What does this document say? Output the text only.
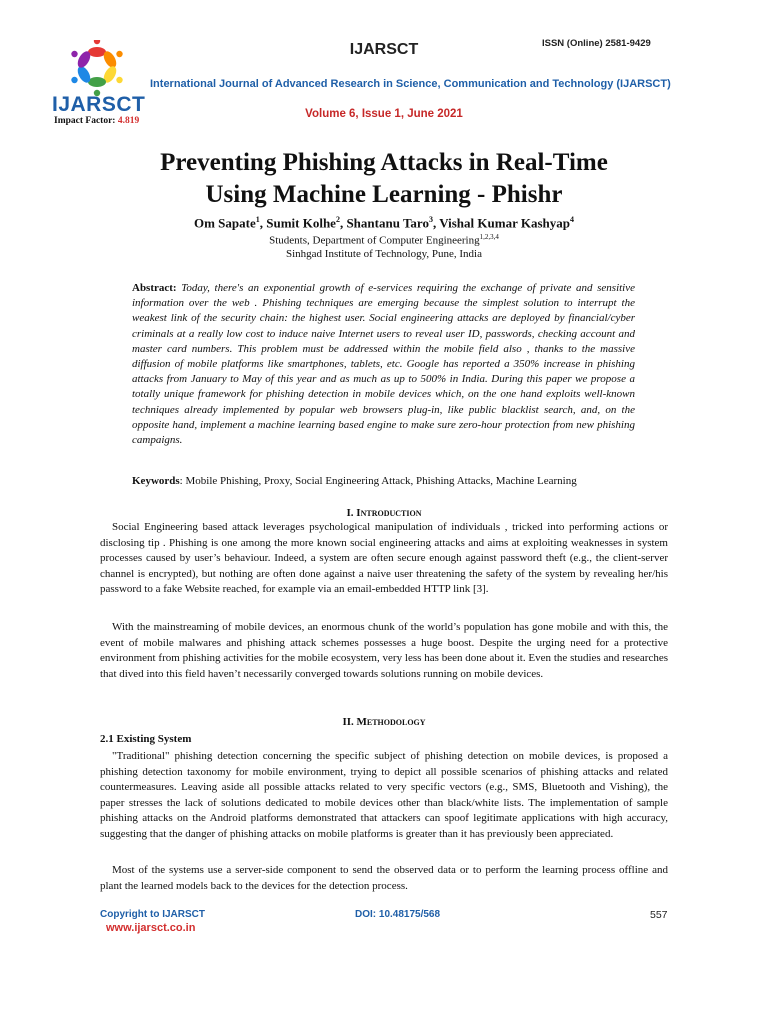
IJARSCT
Impact Factor: 4.819
IJARSCT	ISSN (Online) 2581-9429
International Journal of Advanced Research in Science, Communication and Technology (IJARSCT)
Volume 6, Issue 1, June 2021
Preventing Phishing Attacks in Real-Time
Using Machine Learning - Phishr
Om Sapate$^1$, Sumit Kolhe$^2$, Shantanu Taro$^3$, Vishal Kumar Kashyap$^4$
Students, Department of Computer Engineering$^{1,2,3,4}$
Sinhgad Institute of Technology, Pune, India
Abstract: Today, there's an exponential growth of e-services requiring the exchange of private and sensitive information over the web . Phishing techniques are emerging because the simplest solution to interrupt the weakest link of the security chain: the highest user. Social engineering attacks are deployed by financial/cyber criminals at a really low cost to induce naive Internet users to reveal user ID, passwords, checking account and master card numbers. This problem must be addressed within the mobile field also , thanks to the massive diffusion of mobile platforms like smartphones, tablets, etc. Google has reported a 350% increase in phishing attacks from January to May of this year and as much as up to 500% in India. During this paper we propose a totally unique framework for phishing detection in mobile devices which, on the one hand exploits well-known techniques already implemented by popular web browsers plug-in, like public blacklist search, and, on the opposite hand, implement a machine learning based engine to make sure zero-hour protection from new phishing campaigns.
Keywords: Mobile Phishing, Proxy, Social Engineering Attack, Phishing Attacks, Machine Learning
I. Introduction
Social Engineering based attack leverages psychological manipulation of individuals , tricked into performing actions or disclosing tip . Phishing is one among the more known social engineering attacks and aims at exploiting weaknesses in system processes caused by user’s behaviour. Indeed, a system are often secure enough against password theft (e.g., the client-server channel is encrypted), but nothing are often done against a naive user threatening the safety of the system by revealing her/his password to a fake Website reached, for example via an email-embedded HTTP link [3].
With the mainstreaming of mobile devices, an enormous chunk of the world’s population has gone mobile and with this, the event of mobile malwares and phishing attack schemes possesses a huge boost. Despite the urging need for a protective environment from phishing activities for the mobile ecosystem, very less has been done about it. Even the studies and researches that dived into this field haven’t necessarily converged towards solutions running on mobile devices.
II. Methodology
2.1 Existing System
"Traditional" phishing detection concerning the specific subject of phishing detection on mobile devices, is proposed a phishing detection taxonomy for mobile environment, trying to depict all possible scenarios of phishing attacks and related countermeasures. Leaving aside all possible attacks related to very specific vectors (e.g., SMS, Bluetooth and Vishing), the paper stresses the lack of solutions dedicated to mobile devices other than black/white lists. The implementation of sample phishing attacks on the Android platforms demonstrated that attackers can spoof legitimate applications with high accuracy, suggesting that the danger of phishing attacks on mobile platforms is greater than it has previously been appreciated.
Most of the systems use a server-side component to send the observed data or to perform the learning process offline and plant the learned models back to the devices for the detection process.
Copyright to IJARSCT
www.ijarsct.co.in
DOI: 10.48175/568	557
